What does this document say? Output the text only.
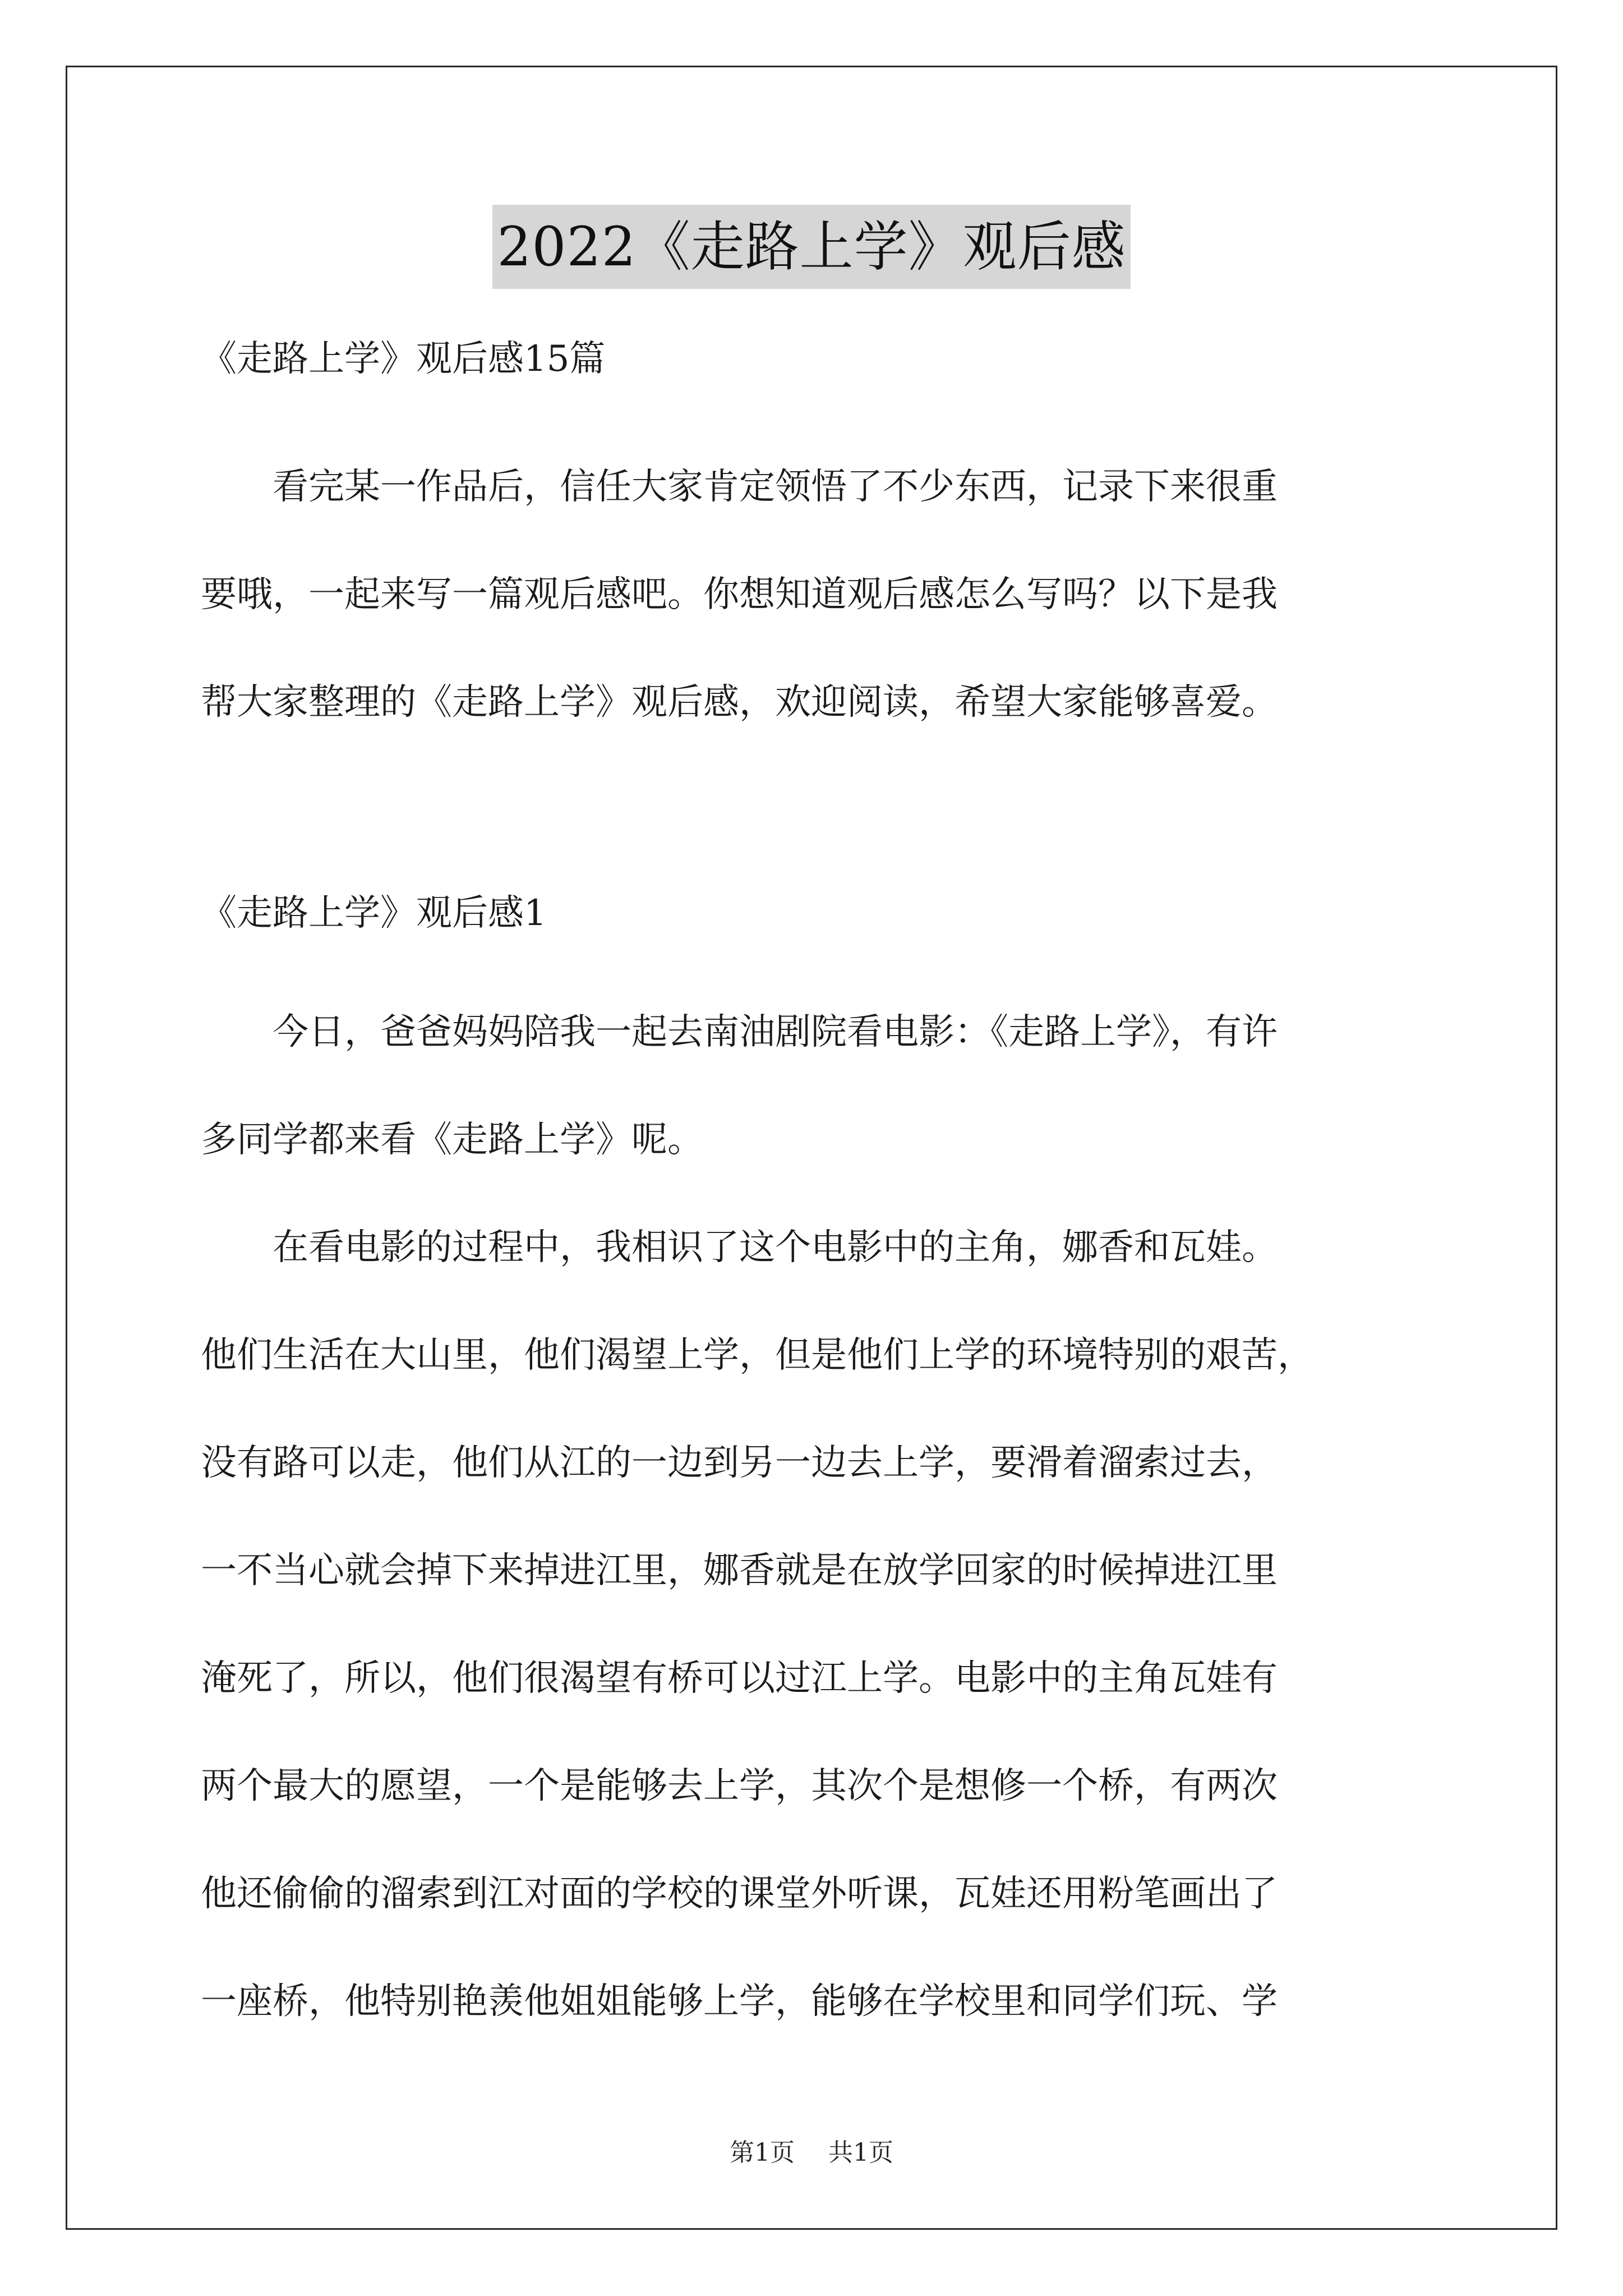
2022《走路上学》观后感
《走路上学》观后感15篇
　　看完某一作品后，信任大家肯定领悟了不少东西，记录下来很重
要哦，一起来写一篇观后感吧。你想知道观后感怎么写吗？以下是我
帮大家整理的《走路上学》观后感，欢迎阅读，希望大家能够喜爱。
《走路上学》观后感1
　　今日，爸爸妈妈陪我一起去南油剧院看电影：《走路上学》，有许
多同学都来看《走路上学》呢。
　　在看电影的过程中，我相识了这个电影中的主角，娜香和瓦娃。
他们生活在大山里，他们渴望上学，但是他们上学的环境特别的艰苦，
没有路可以走，他们从江的一边到另一边去上学，要滑着溜索过去，
一不当心就会掉下来掉进江里，娜香就是在放学回家的时候掉进江里
淹死了，所以，他们很渴望有桥可以过江上学。电影中的主角瓦娃有
两个最大的愿望，一个是能够去上学，其次个是想修一个桥，有两次
他还偷偷的溜索到江对面的学校的课堂外听课，瓦娃还用粉笔画出了
一座桥，他特别艳羡他姐姐能够上学，能够在学校里和同学们玩、学
第1页 共1页
